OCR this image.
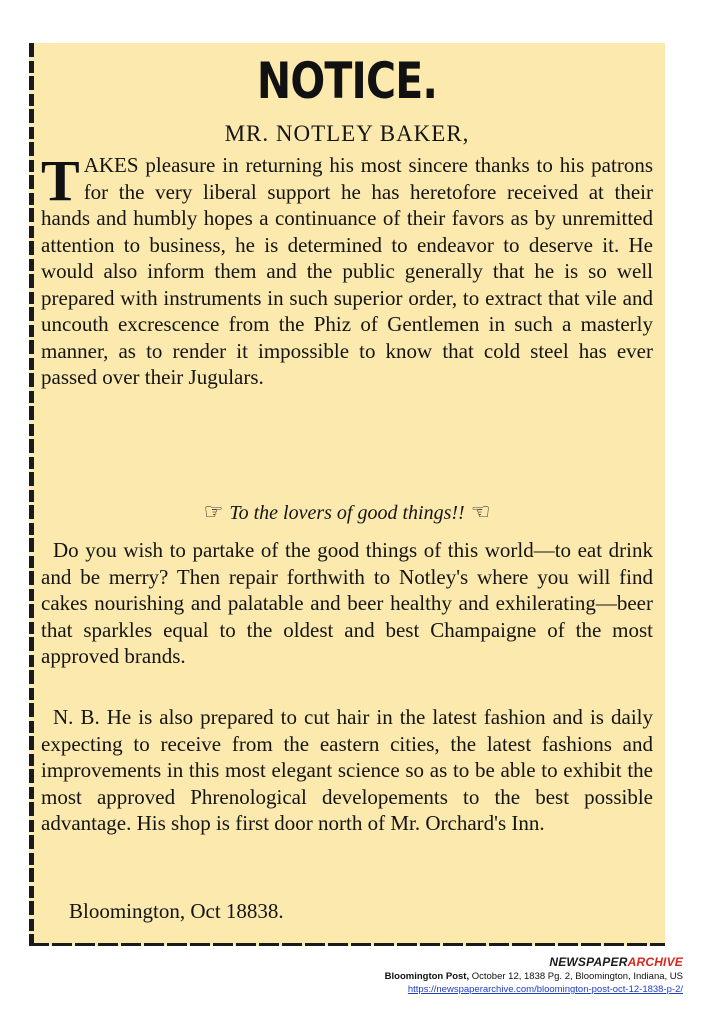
NOTICE.
MR. NOTLEY BAKER,
TAKES pleasure in returning his most sincere thanks to his patrons for the very liberal support he has heretofore received at their hands and humbly hopes a continuance of their favors as by unremitted attention to business, he is determined to endeavor to deserve it. He would also inform them and the public generally that he is so well prepared with instruments in such superior order, to extract that vile and uncouth excrescence from the Phiz of Gentlemen in such a masterly manner, as to render it impossible to know that cold steel has ever passed over their Jugulars.
☞ To the lovers of good things!! ☜
Do you wish to partake of the good things of this world—to eat drink and be merry? Then repair forthwith to Notley's where you will find cakes nourishing and palatable and beer healthy and exhilerating—beer that sparkles equal to the oldest and best Champaigne of the most approved brands.
N. B. He is also prepared to cut hair in the latest fashion and is daily expecting to receive from the eastern cities, the latest fashions and improvements in this most elegant science so as to be able to exhibit the most approved Phrenological developements to the best possible advantage. His shop is first door north of Mr. Orchard's Inn.
Bloomington, Oct 18838.
NEWSPAPERARCHIVE
Bloomington Post, October 12, 1838 Pg. 2, Bloomington, Indiana, US
https://newspaperarchive.com/bloomington-post-oct-12-1838-p-2/
